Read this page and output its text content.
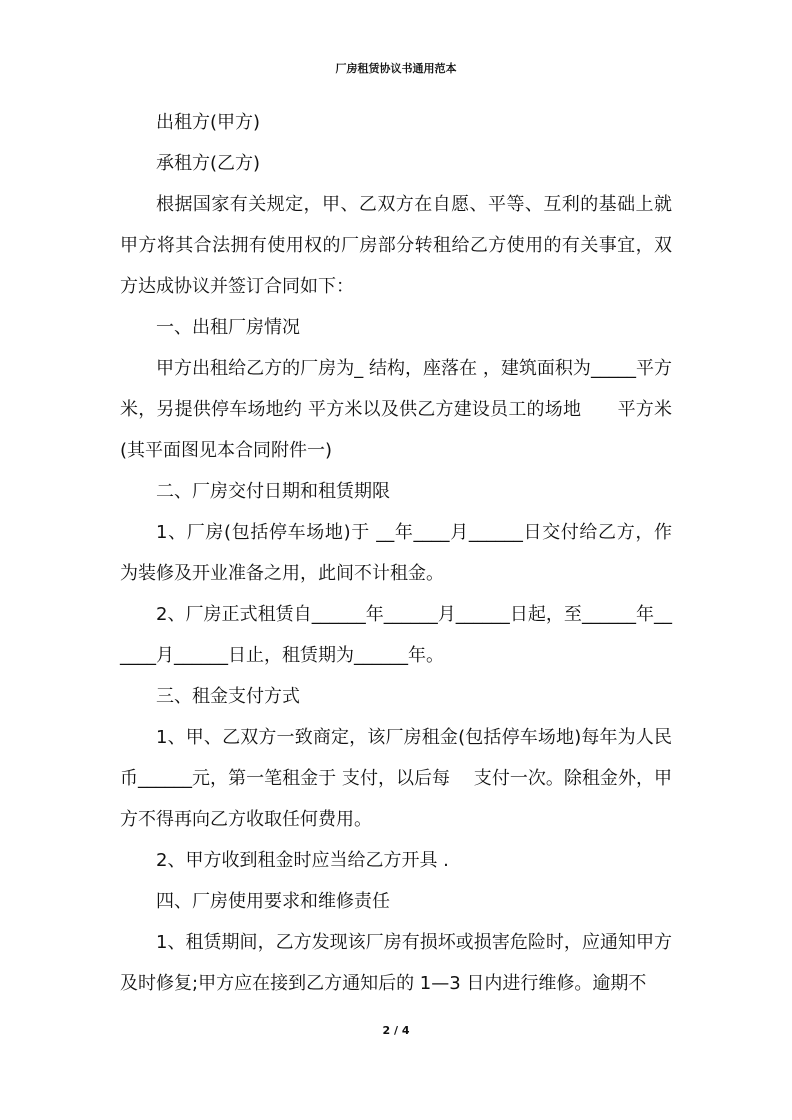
厂房租赁协议书通用范本

出租方(甲方)

承租方(乙方)

根据国家有关规定，甲、乙双方在自愿、平等、互利的基础上就甲方将其合法拥有使用权的厂房部分转租给乙方使用的有关事宜，双方达成协议并签订合同如下：

一、出租厂房情况

甲方出租给乙方的厂房为_ 结构，座落在 ，建筑面积为_____平方米，另提供停车场地约 平方米以及供乙方建设员工的场地　　平方米(其平面图见本合同附件一)

二、厂房交付日期和租赁期限

1、厂房(包括停车场地)于 __年____月______日交付给乙方，作为装修及开业准备之用，此间不计租金。

2、厂房正式租赁自______年______月______日起，至______年______月______日止，租赁期为______年。

三、租金支付方式

1、甲、乙双方一致商定，该厂房租金(包括停车场地)每年为人民币______元，第一笔租金于 支付，以后每　 支付一次。除租金外，甲方不得再向乙方收取任何费用。

2、甲方收到租金时应当给乙方开具 .

四、厂房使用要求和维修责任

1、租赁期间，乙方发现该厂房有损坏或损害危险时，应通知甲方及时修复;甲方应在接到乙方通知后的 1—3 日内进行维修。逾期不

2 / 4
